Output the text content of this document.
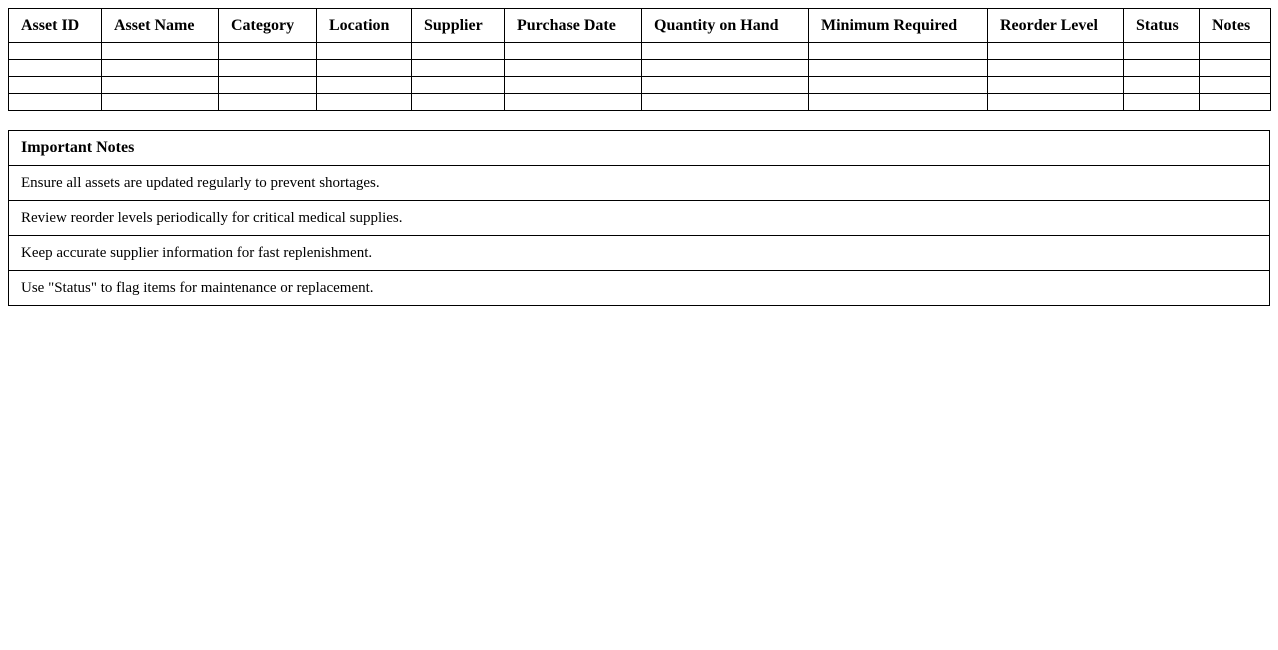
Asset ID	Asset Name	Category	Location	Supplier	Purchase Date	Quantity on Hand	Minimum Required	Reorder Level	Status	Notes

Important Notes
Ensure all assets are updated regularly to prevent shortages.
Review reorder levels periodically for critical medical supplies.
Keep accurate supplier information for fast replenishment.
Use "Status" to flag items for maintenance or replacement.
